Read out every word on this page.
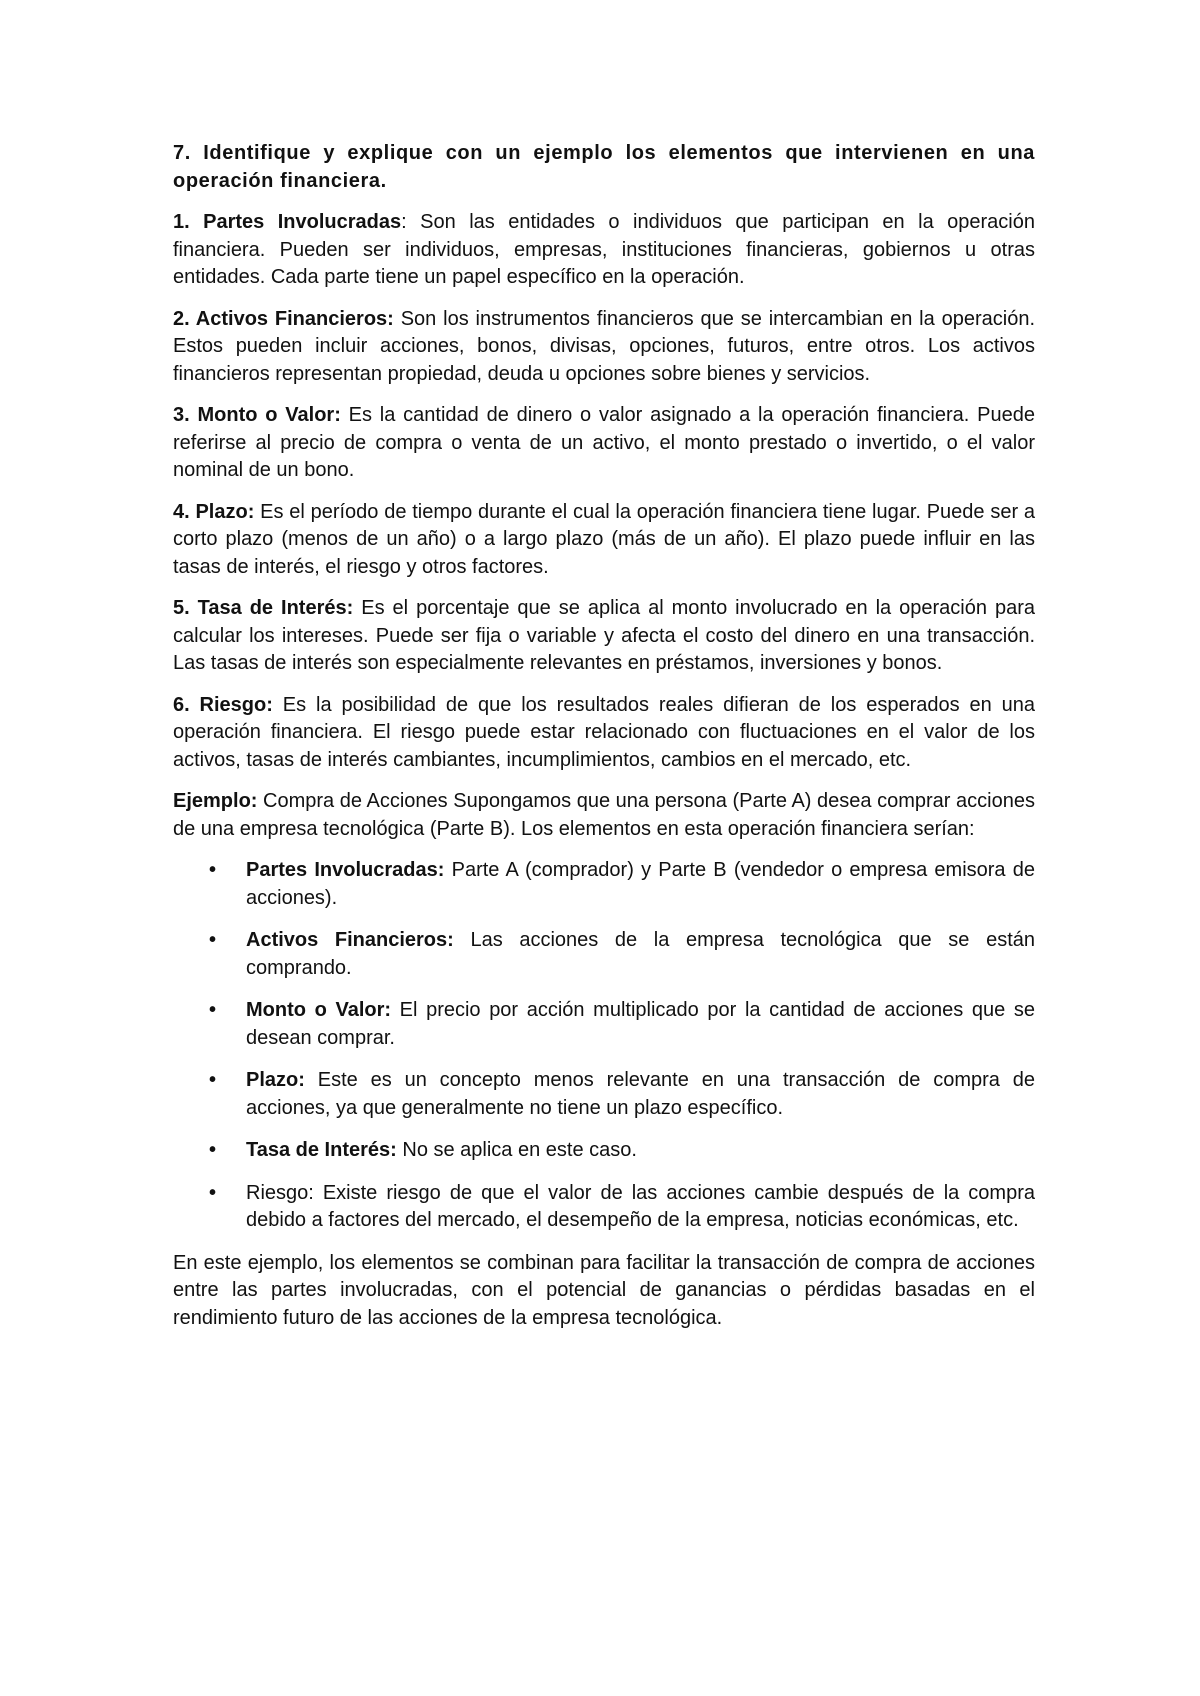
7. Identifique y explique con un ejemplo los elementos que intervienen en una operación financiera.

1. Partes Involucradas: Son las entidades o individuos que participan en la operación financiera. Pueden ser individuos, empresas, instituciones financieras, gobiernos u otras entidades. Cada parte tiene un papel específico en la operación.

2. Activos Financieros: Son los instrumentos financieros que se intercambian en la operación. Estos pueden incluir acciones, bonos, divisas, opciones, futuros, entre otros. Los activos financieros representan propiedad, deuda u opciones sobre bienes y servicios.

3. Monto o Valor: Es la cantidad de dinero o valor asignado a la operación financiera. Puede referirse al precio de compra o venta de un activo, el monto prestado o invertido, o el valor nominal de un bono.

4. Plazo: Es el período de tiempo durante el cual la operación financiera tiene lugar. Puede ser a corto plazo (menos de un año) o a largo plazo (más de un año). El plazo puede influir en las tasas de interés, el riesgo y otros factores.

5. Tasa de Interés: Es el porcentaje que se aplica al monto involucrado en la operación para calcular los intereses. Puede ser fija o variable y afecta el costo del dinero en una transacción. Las tasas de interés son especialmente relevantes en préstamos, inversiones y bonos.

6. Riesgo: Es la posibilidad de que los resultados reales difieran de los esperados en una operación financiera. El riesgo puede estar relacionado con fluctuaciones en el valor de los activos, tasas de interés cambiantes, incumplimientos, cambios en el mercado, etc.

Ejemplo: Compra de Acciones Supongamos que una persona (Parte A) desea comprar acciones de una empresa tecnológica (Parte B). Los elementos en esta operación financiera serían:

• Partes Involucradas: Parte A (comprador) y Parte B (vendedor o empresa emisora de acciones).
• Activos Financieros: Las acciones de la empresa tecnológica que se están comprando.
• Monto o Valor: El precio por acción multiplicado por la cantidad de acciones que se desean comprar.
• Plazo: Este es un concepto menos relevante en una transacción de compra de acciones, ya que generalmente no tiene un plazo específico.
• Tasa de Interés: No se aplica en este caso.
• Riesgo: Existe riesgo de que el valor de las acciones cambie después de la compra debido a factores del mercado, el desempeño de la empresa, noticias económicas, etc.

En este ejemplo, los elementos se combinan para facilitar la transacción de compra de acciones entre las partes involucradas, con el potencial de ganancias o pérdidas basadas en el rendimiento futuro de las acciones de la empresa tecnológica.
